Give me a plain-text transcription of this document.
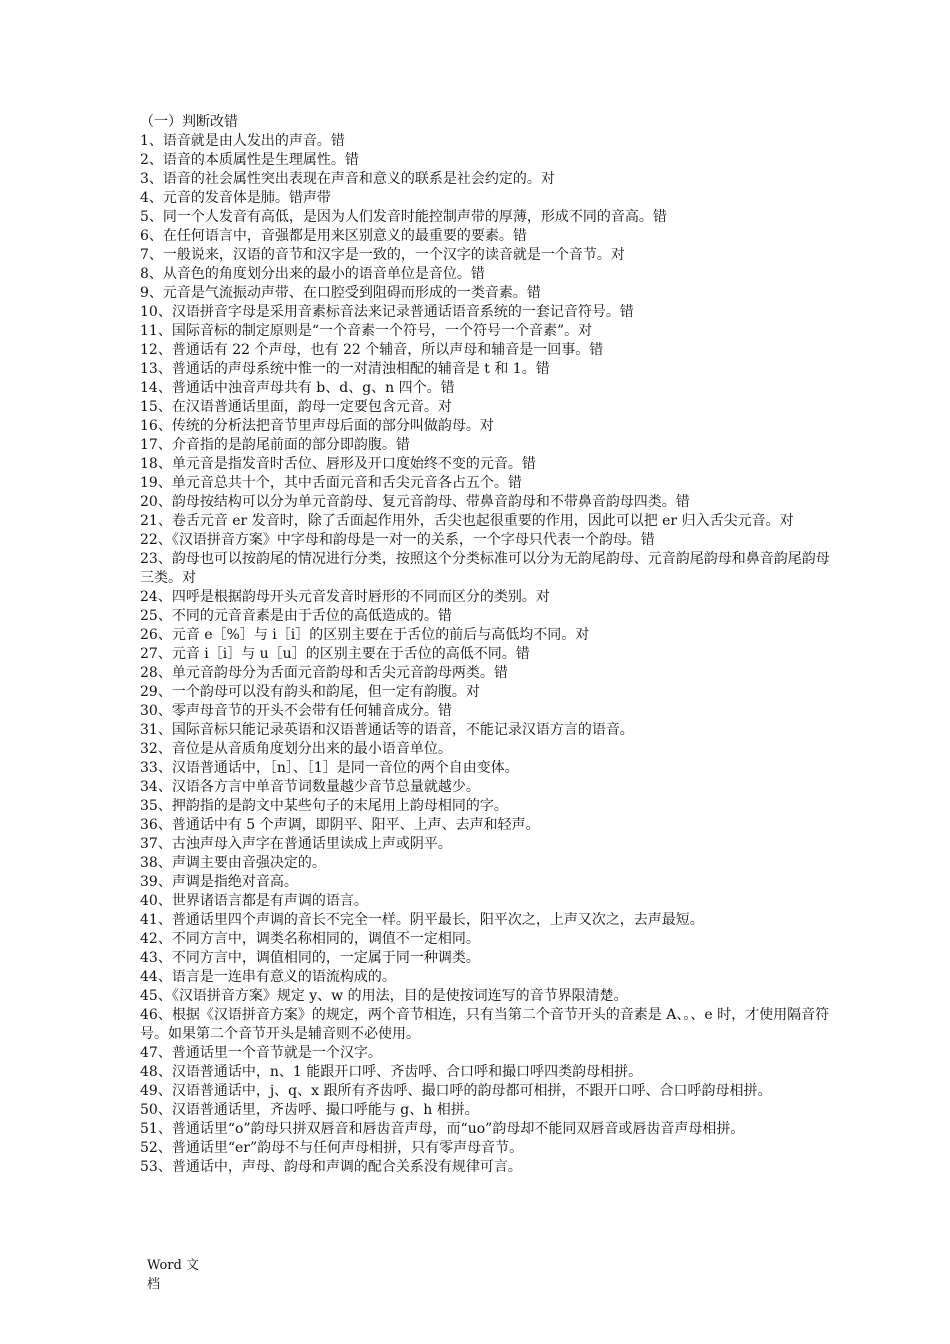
（一）判断改错
1、语音就是由人发出的声音。错
2、语音的本质属性是生理属性。错
3、语音的社会属性突出表现在声音和意义的联系是社会约定的。对
4、元音的发音体是肺。错声带
5、同一个人发音有高低，是因为人们发音时能控制声带的厚薄，形成不同的音高。错
6、在任何语言中，音强都是用来区别意义的最重要的要素。错
7、一般说来，汉语的音节和汉字是一致的，一个汉字的读音就是一个音节。对
8、从音色的角度划分出来的最小的语音单位是音位。错
9、元音是气流振动声带、在口腔受到阻碍而形成的一类音素。错
10、汉语拼音字母是采用音素标音法来记录普通话语音系统的一套记音符号。错
11、国际音标的制定原则是“一个音素一个符号，一个符号一个音素”。对
12、普通话有 22 个声母，也有 22 个辅音，所以声母和辅音是一回事。错
13、普通话的声母系统中惟一的一对清浊相配的辅音是 t 和 1。错
14、普通话中浊音声母共有 b、d、g、n 四个。错
15、在汉语普通话里面，韵母一定要包含元音。对
16、传统的分析法把音节里声母后面的部分叫做韵母。对
17、介音指的是韵尾前面的部分即韵腹。错
18、单元音是指发音时舌位、唇形及开口度始终不变的元音。错
19、单元音总共十个，其中舌面元音和舌尖元音各占五个。错
20、韵母按结构可以分为单元音韵母、复元音韵母、带鼻音韵母和不带鼻音韵母四类。错
21、卷舌元音 er 发音时，除了舌面起作用外，舌尖也起很重要的作用，因此可以把 er 归入舌尖元音。对
22、《汉语拼音方案》中字母和韵母是一对一的关系，一个字母只代表一个韵母。错
23、韵母也可以按韵尾的情况进行分类，按照这个分类标准可以分为无韵尾韵母、元音韵尾韵母和鼻音韵尾韵母三类。对
24、四呼是根据韵母开头元音发音时唇形的不同而区分的类别。对
25、不同的元音音素是由于舌位的高低造成的。错
26、元音 e［%］与 i［i］的区别主要在于舌位的前后与高低均不同。对
27、元音 i［i］与 u［u］的区别主要在于舌位的高低不同。错
28、单元音韵母分为舌面元音韵母和舌尖元音韵母两类。错
29、一个韵母可以没有韵头和韵尾，但一定有韵腹。对
30、零声母音节的开头不会带有任何辅音成分。错
31、国际音标只能记录英语和汉语普通话等的语音，不能记录汉语方言的语音。
32、音位是从音质角度划分出来的最小语音单位。
33、汉语普通话中，［n］、［1］是同一音位的两个自由变体。
34、汉语各方言中单音节词数量越少音节总量就越少。
35、押韵指的是韵文中某些句子的末尾用上韵母相同的字。
36、普通话中有 5 个声调，即阴平、阳平、上声、去声和轻声。
37、古浊声母入声字在普通话里读成上声或阴平。
38、声调主要由音强决定的。
39、声调是指绝对音高。
40、世界诸语言都是有声调的语言。
41、普通话里四个声调的音长不完全一样。阴平最长，阳平次之，上声又次之，去声最短。
42、不同方言中，调类名称相同的，调值不一定相同。
43、不同方言中，调值相同的，一定属于同一种调类。
44、语言是一连串有意义的语流构成的。
45、《汉语拼音方案》规定 y、w 的用法，目的是使按词连写的音节界限清楚。
46、根据《汉语拼音方案》的规定，两个音节相连，只有当第二个音节开头的音素是 A、。、e 时，才使用隔音符号。如果第二个音节开头是辅音则不必使用。
47、普通话里一个音节就是一个汉字。
48、汉语普通话中，n、1 能跟开口呼、齐齿呼、合口呼和撮口呼四类韵母相拼。
49、汉语普通话中，j、q、x 跟所有齐齿呼、撮口呼的韵母都可相拼，不跟开口呼、合口呼韵母相拼。
50、汉语普通话里，齐齿呼、撮口呼能与 g、h 相拼。
51、普通话里“o”韵母只拼双唇音和唇齿音声母，而“uo”韵母却不能同双唇音或唇齿音声母相拼。
52、普通话里“er”韵母不与任何声母相拼，只有零声母音节。
53、普通话中，声母、韵母和声调的配合关系没有规律可言。
Word 文档
